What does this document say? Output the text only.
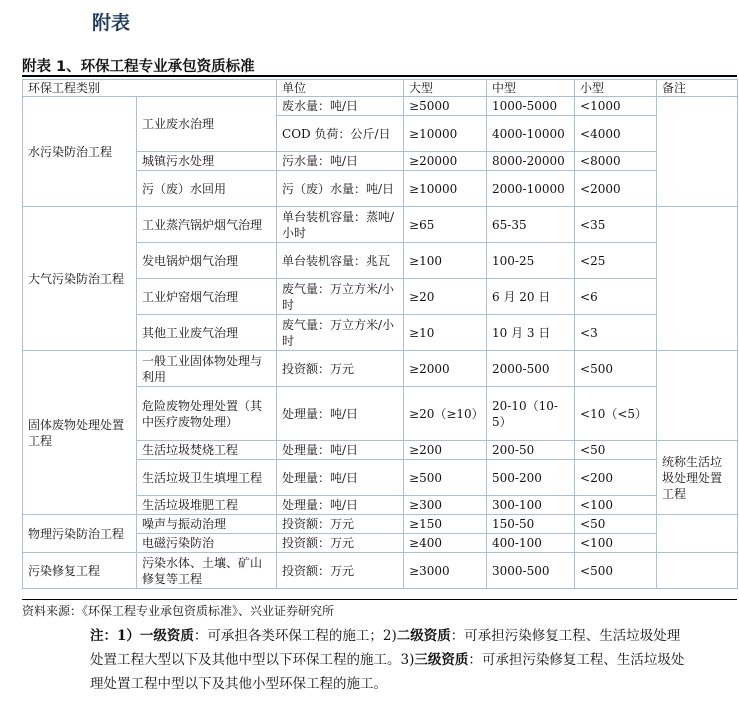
附表
附表 1、环保工程专业承包资质标准
环保工程类别		单位	大型	中型	小型	备注
水污染防治工程	工业废水治理	废水量：吨/日	≥5000	1000-5000	<1000	
		COD 负荷：公斤/日	≥10000	4000-10000	<4000	
	城镇污水处理	污水量：吨/日	≥20000	8000-20000	<8000	
	污（废）水回用	污（废）水量：吨/日	≥10000	2000-10000	<2000	
大气污染防治工程	工业蒸汽锅炉烟气治理	单台装机容量：蒸吨/小时	≥65	65-35	<35	
	发电锅炉烟气治理	单台装机容量：兆瓦	≥100	100-25	<25	
	工业炉窑烟气治理	废气量：万立方米/小时	≥20	6 月 20 日	<6	
	其他工业废气治理	废气量：万立方米/小时	≥10	10 月 3 日	<3	
固体废物处理处置工程	一般工业固体物处理与利用	投资额：万元	≥2000	2000-500	<500	
	危险废物处理处置（其中医疗废物处理）	处理量：吨/日	≥20（≥10）	20-10（10-5）	<10（<5）	
	生活垃圾焚烧工程	处理量：吨/日	≥200	200-50	<50	统称生活垃圾处理处置工程
	生活垃圾卫生填埋工程	处理量：吨/日	≥500	500-200	<200	
	生活垃圾堆肥工程	处理量：吨/日	≥300	300-100	<100	
物理污染防治工程	噪声与振动治理	投资额：万元	≥150	150-50	<50	
	电磁污染防治	投资额：万元	≥400	400-100	<100	
污染修复工程	污染水体、土壤、矿山修复等工程	投资额：万元	≥3000	3000-500	<500	
资料来源：《环保工程专业承包资质标准》、兴业证券研究所
注：1）一级资质：可承担各类环保工程的施工；2)二级资质：可承担污染修复工程、生活垃圾处理处置工程大型以下及其他中型以下环保工程的施工。3)三级资质：可承担污染修复工程、生活垃圾处理处置工程中型以下及其他小型环保工程的施工。
